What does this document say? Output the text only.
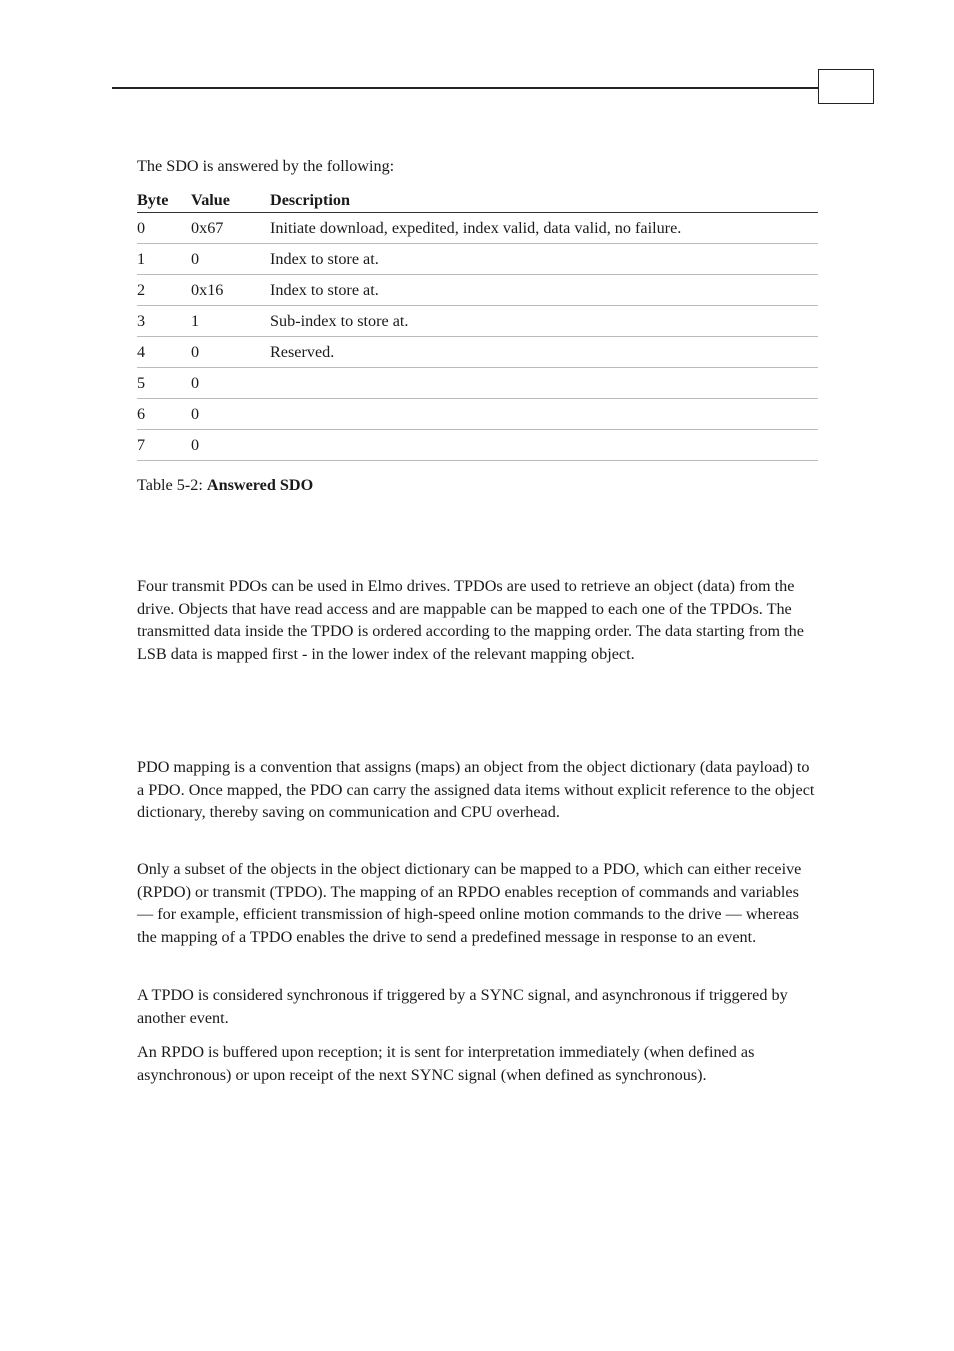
The SDO is answered by the following:
Byte	Value	Description
0	0x67	Initiate download, expedited, index valid, data valid, no failure.
1	0	Index to store at.
2	0x16	Index to store at.
3	1	Sub-index to store at.
4	0	Reserved.
5	0	
6	0	
7	0	
Table 5-2: Answered SDO
Four transmit PDOs can be used in Elmo drives. TPDOs are used to retrieve an object (data) from the drive. Objects that have read access and are mappable can be mapped to each one of the TPDOs. The transmitted data inside the TPDO is ordered according to the mapping order. The data starting from the LSB data is mapped first - in the lower index of the relevant mapping object.
PDO mapping is a convention that assigns (maps) an object from the object dictionary (data payload) to a PDO. Once mapped, the PDO can carry the assigned data items without explicit reference to the object dictionary, thereby saving on communication and CPU overhead.
Only a subset of the objects in the object dictionary can be mapped to a PDO, which can either receive (RPDO) or transmit (TPDO). The mapping of an RPDO enables reception of commands and variables — for example, efficient transmission of high-speed online motion commands to the drive — whereas the mapping of a TPDO enables the drive to send a predefined message in response to an event.
A TPDO is considered synchronous if triggered by a SYNC signal, and asynchronous if triggered by another event.
An RPDO is buffered upon reception; it is sent for interpretation immediately (when defined as asynchronous) or upon receipt of the next SYNC signal (when defined as synchronous).
